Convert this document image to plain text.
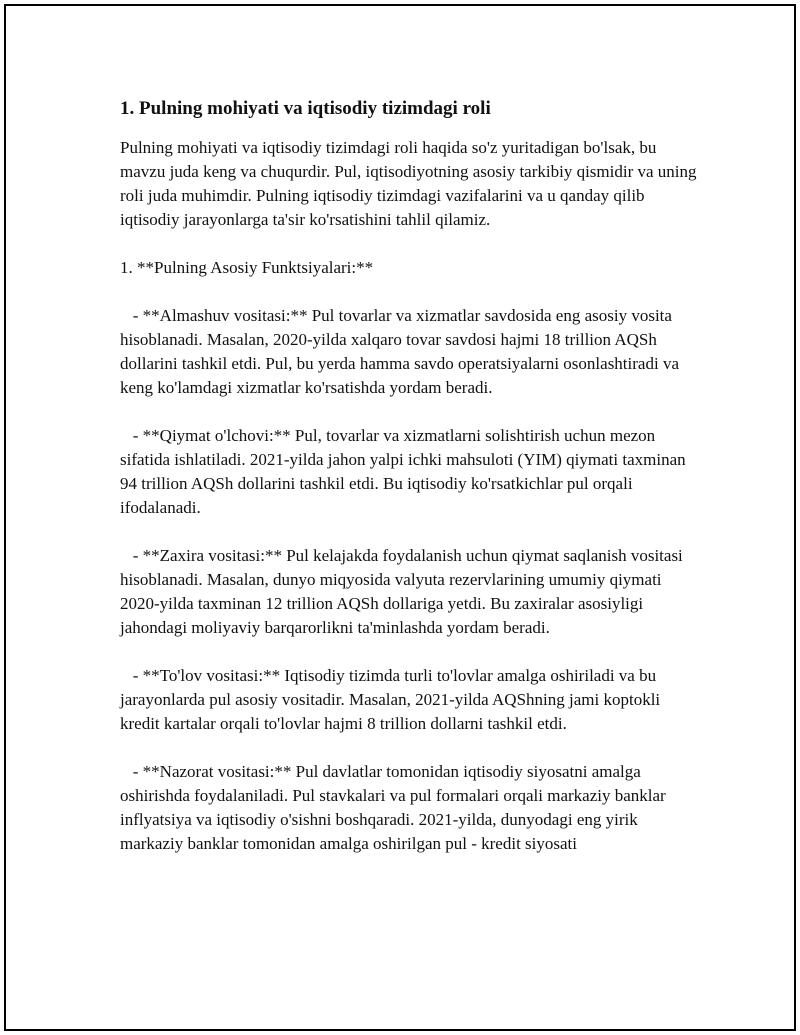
1. Pulning mohiyati va iqtisodiy tizimdagi roli

Pulning mohiyati va iqtisodiy tizimdagi roli haqida so'z yuritadigan bo'lsak, bu mavzu juda keng va chuqurdir. Pul, iqtisodiyotning asosiy tarkibiy qismidir va uning roli juda muhimdir. Pulning iqtisodiy tizimdagi vazifalarini va u qanday qilib iqtisodiy jarayonlarga ta'sir ko'rsatishini tahlil qilamiz.

1. **Pulning Asosiy Funktsiyalari:**

- **Almashuv vositasi:** Pul tovarlar va xizmatlar savdosida eng asosiy vosita hisoblanadi. Masalan, 2020-yilda xalqaro tovar savdosi hajmi 18 trillion AQSh dollarini tashkil etdi. Pul, bu yerda hamma savdo operatsiyalarni osonlashtiradi va keng ko'lamdagi xizmatlar ko'rsatishda yordam beradi.

- **Qiymat o'lchovi:** Pul, tovarlar va xizmatlarni solishtirish uchun mezon sifatida ishlatiladi. 2021-yilda jahon yalpi ichki mahsuloti (YIM) qiymati taxminan 94 trillion AQSh dollarini tashkil etdi. Bu iqtisodiy ko'rsatkichlar pul orqali ifodalanadi.

- **Zaxira vositasi:** Pul kelajakda foydalanish uchun qiymat saqlanish vositasi hisoblanadi. Masalan, dunyo miqyosida valyuta rezervlarining umumiy qiymati 2020-yilda taxminan 12 trillion AQSh dollariga yetdi. Bu zaxiralar asosiyligi jahondagi moliyaviy barqarorlikni ta'minlashda yordam beradi.

- **To'lov vositasi:** Iqtisodiy tizimda turli to'lovlar amalga oshiriladi va bu jarayonlarda pul asosiy vositadir. Masalan, 2021-yilda AQShning jami koptokli kredit kartalar orqali to'lovlar hajmi 8 trillion dollarni tashkil etdi.

- **Nazorat vositasi:** Pul davlatlar tomonidan iqtisodiy siyosatni amalga oshirishda foydalaniladi. Pul stavkalari va pul formalari orqali markaziy banklar inflyatsiya va iqtisodiy o'sishni boshqaradi. 2021-yilda, dunyodagi eng yirik markaziy banklar tomonidan amalga oshirilgan pul - kredit siyosati
